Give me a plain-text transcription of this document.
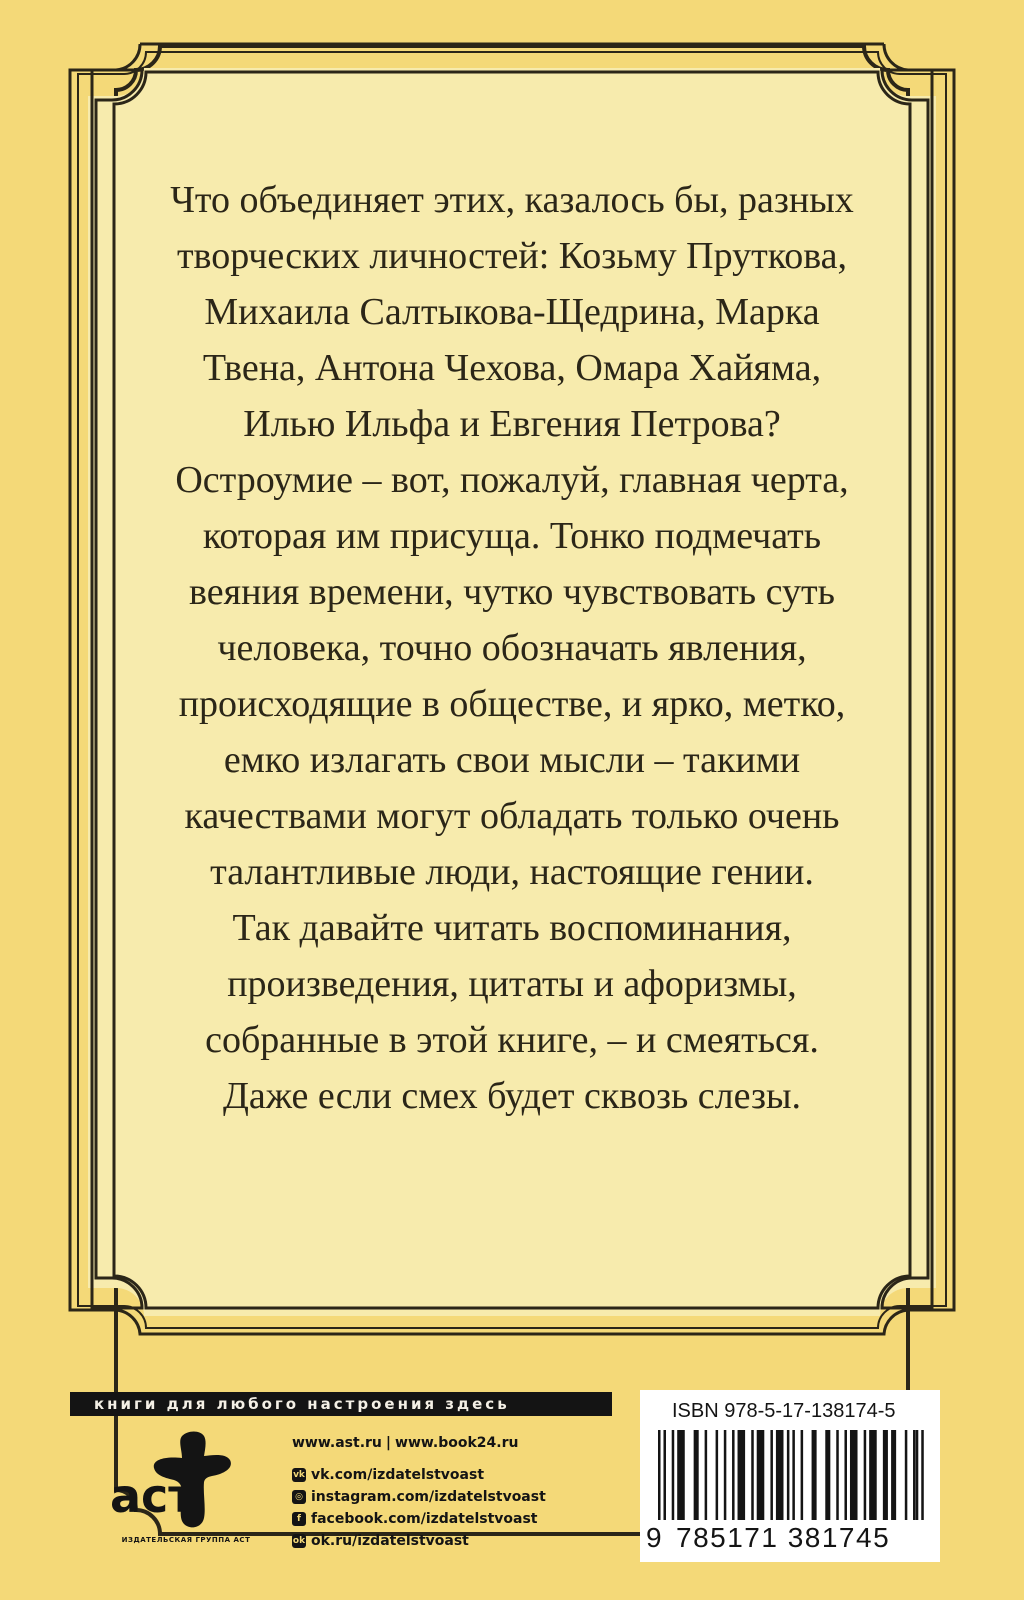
Что объединяет этих, казалось бы, разных
творческих личностей: Козьму Пруткова,
Михаила Салтыкова-Щедрина, Марка
Твена, Антона Чехова, Омара Хайяма,
Илью Ильфа и Евгения Петрова?
Остроумие – вот, пожалуй, главная черта,
которая им присуща. Тонко подмечать
веяния времени, чутко чувствовать суть
человека, точно обозначать явления,
происходящие в обществе, и ярко, метко,
емко излагать свои мысли – такими
качествами могут обладать только очень
талантливые люди, настоящие гении.
Так давайте читать воспоминания,
произведения, цитаты и афоризмы,
собранные в этой книге, – и смеяться.
Даже если смех будет сквозь слезы.
книги для любого настроения здесь
аст
ИЗДАТЕЛЬСКАЯ ГРУППА АСТ
www.ast.ru | www.book24.ru
vk vk.com/izdatelstvoast
◎ instagram.com/izdatelstvoast
f facebook.com/izdatelstvoast
ok ok.ru/izdatelstvoast
ISBN 978-5-17-138174-5
9 785171 381745
